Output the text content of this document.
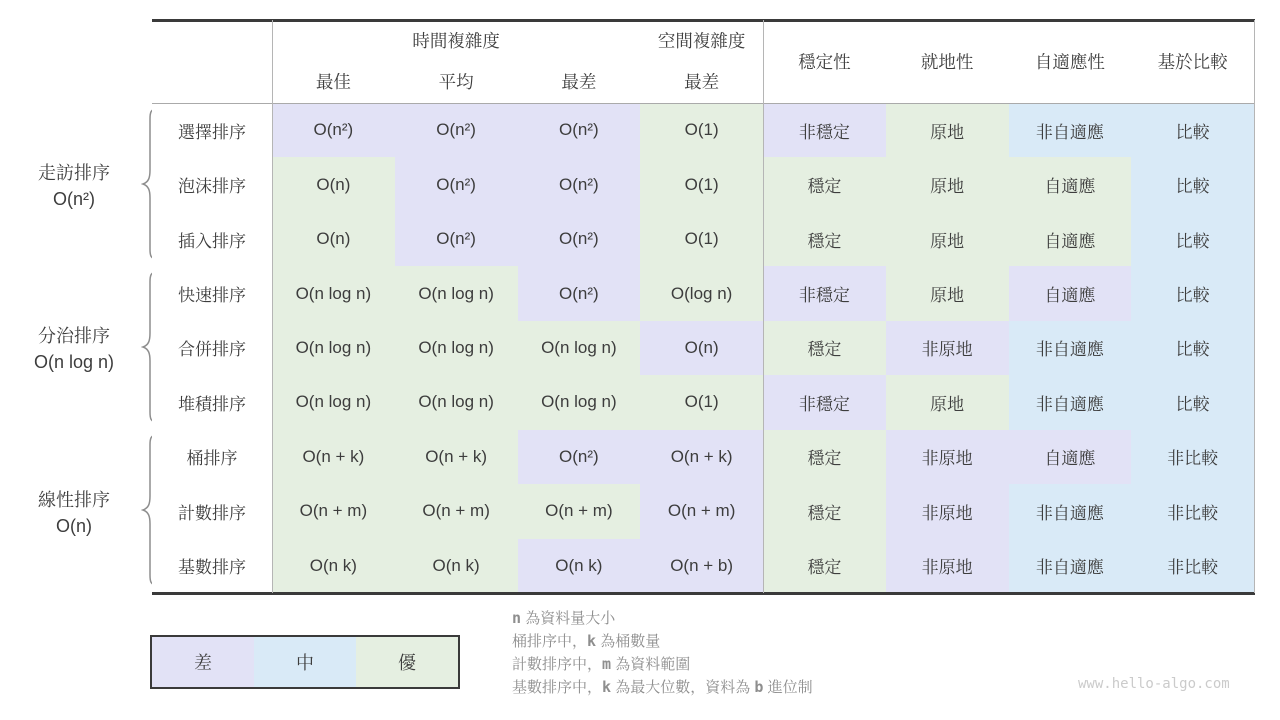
走訪排序
O(n²)
分治排序
O(n log n)
線性排序
O(n)
時間複雜度	空間複雜度
最佳	平均	最差	最差
穩定性	就地性	自適應性	基於比較
選擇排序	O(n²)	O(n²)	O(n²)	O(1)	非穩定	原地	非自適應	比較
泡沫排序	O(n)	O(n²)	O(n²)	O(1)	穩定	原地	自適應	比較
插入排序	O(n)	O(n²)	O(n²)	O(1)	穩定	原地	自適應	比較
快速排序	O(n log n)	O(n log n)	O(n²)	O(log n)	非穩定	原地	自適應	比較
合併排序	O(n log n)	O(n log n)	O(n log n)	O(n)	穩定	非原地	非自適應	比較
堆積排序	O(n log n)	O(n log n)	O(n log n)	O(1)	非穩定	原地	非自適應	比較
桶排序	O(n + k)	O(n + k)	O(n²)	O(n + k)	穩定	非原地	自適應	非比較
計數排序	O(n + m)	O(n + m)	O(n + m)	O(n + m)	穩定	非原地	非自適應	非比較
基數排序	O(n k)	O(n k)	O(n k)	O(n + b)	穩定	非原地	非自適應	非比較
差	中	優
n 為資料量大小
桶排序中，k 為桶數量
計數排序中，m 為資料範圍
基數排序中，k 為最大位數，資料為 b 進位制	www.hello-algo.com
